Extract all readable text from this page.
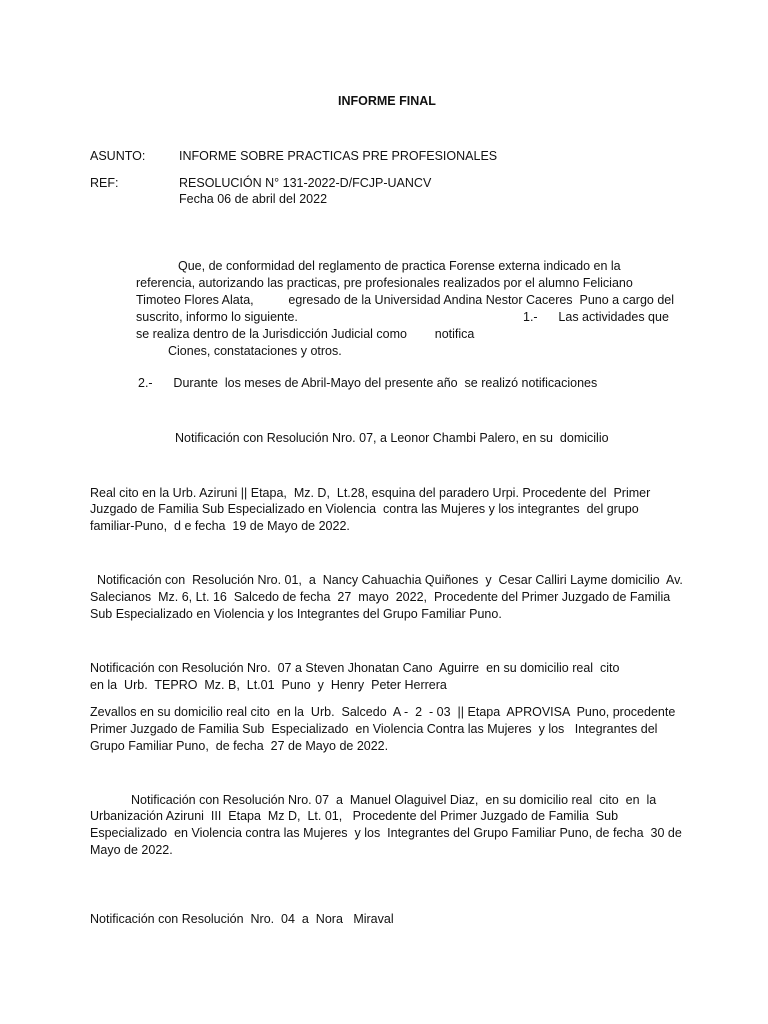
INFORME FINAL
ASUNTO:	INFORME SOBRE PRACTICAS PRE PROFESIONALES
REF:	RESOLUCIÓN N° 131-2022-D/FCJP-UANCV
Fecha 06 de abril del 2022
Que, de conformidad del reglamento de practica Forense externa indicado en la
referencia, autorizando las practicas, pre profesionales realizados por el alumno Feliciano
Timoteo Flores Alata,          egresado de la Universidad Andina Nestor Caceres  Puno a cargo del
suscrito, informo lo siguiente.	1.-      Las actividades que
se realiza dentro de la Jurisdicción Judicial como        notifica
Ciones, constataciones y otros.
2.-      Durante  los meses de Abril-Mayo del presente año  se realizó notificaciones
Notificación con Resolución Nro. 07, a Leonor Chambi Palero, en su  domicilio
Real cito en la Urb. Aziruni || Etapa,  Mz. D,  Lt.28, esquina del paradero Urpi. Procedente del  Primer
Juzgado de Familia Sub Especializado en Violencia  contra las Mujeres y los integrantes  del grupo
familiar-Puno,  d e fecha  19 de Mayo de 2022.
Notificación con  Resolución Nro. 01,  a  Nancy Cahuachia Quiñones  y  Cesar Calliri Layme domicilio  Av.
Salecianos  Mz. 6, Lt. 16  Salcedo de fecha  27  mayo  2022,  Procedente del Primer Juzgado de Familia
Sub Especializado en Violencia y los Integrantes del Grupo Familiar Puno.
Notificación con Resolución Nro.  07 a Steven Jhonatan Cano  Aguirre  en su domicilio real  cito
en la  Urb.  TEPRO  Mz. B,  Lt.01  Puno  y  Henry  Peter Herrera
Zevallos en su domicilio real cito  en la  Urb.  Salcedo  A -  2  - 03  || Etapa  APROVISA  Puno, procedente
Primer Juzgado de Familia Sub  Especializado  en Violencia Contra las Mujeres  y los   Integrantes del
Grupo Familiar Puno,  de fecha  27 de Mayo de 2022.
Notificación con Resolución Nro. 07  a  Manuel Olaguivel Diaz,  en su domicilio real  cito  en  la
Urbanización Aziruni  III  Etapa  Mz D,  Lt. 01,   Procedente del Primer Juzgado de Familia  Sub
Especializado  en Violencia contra las Mujeres  y los  Integrantes del Grupo Familiar Puno, de fecha  30 de
Mayo de 2022.
Notificación con Resolución  Nro.  04  a  Nora   Miraval
